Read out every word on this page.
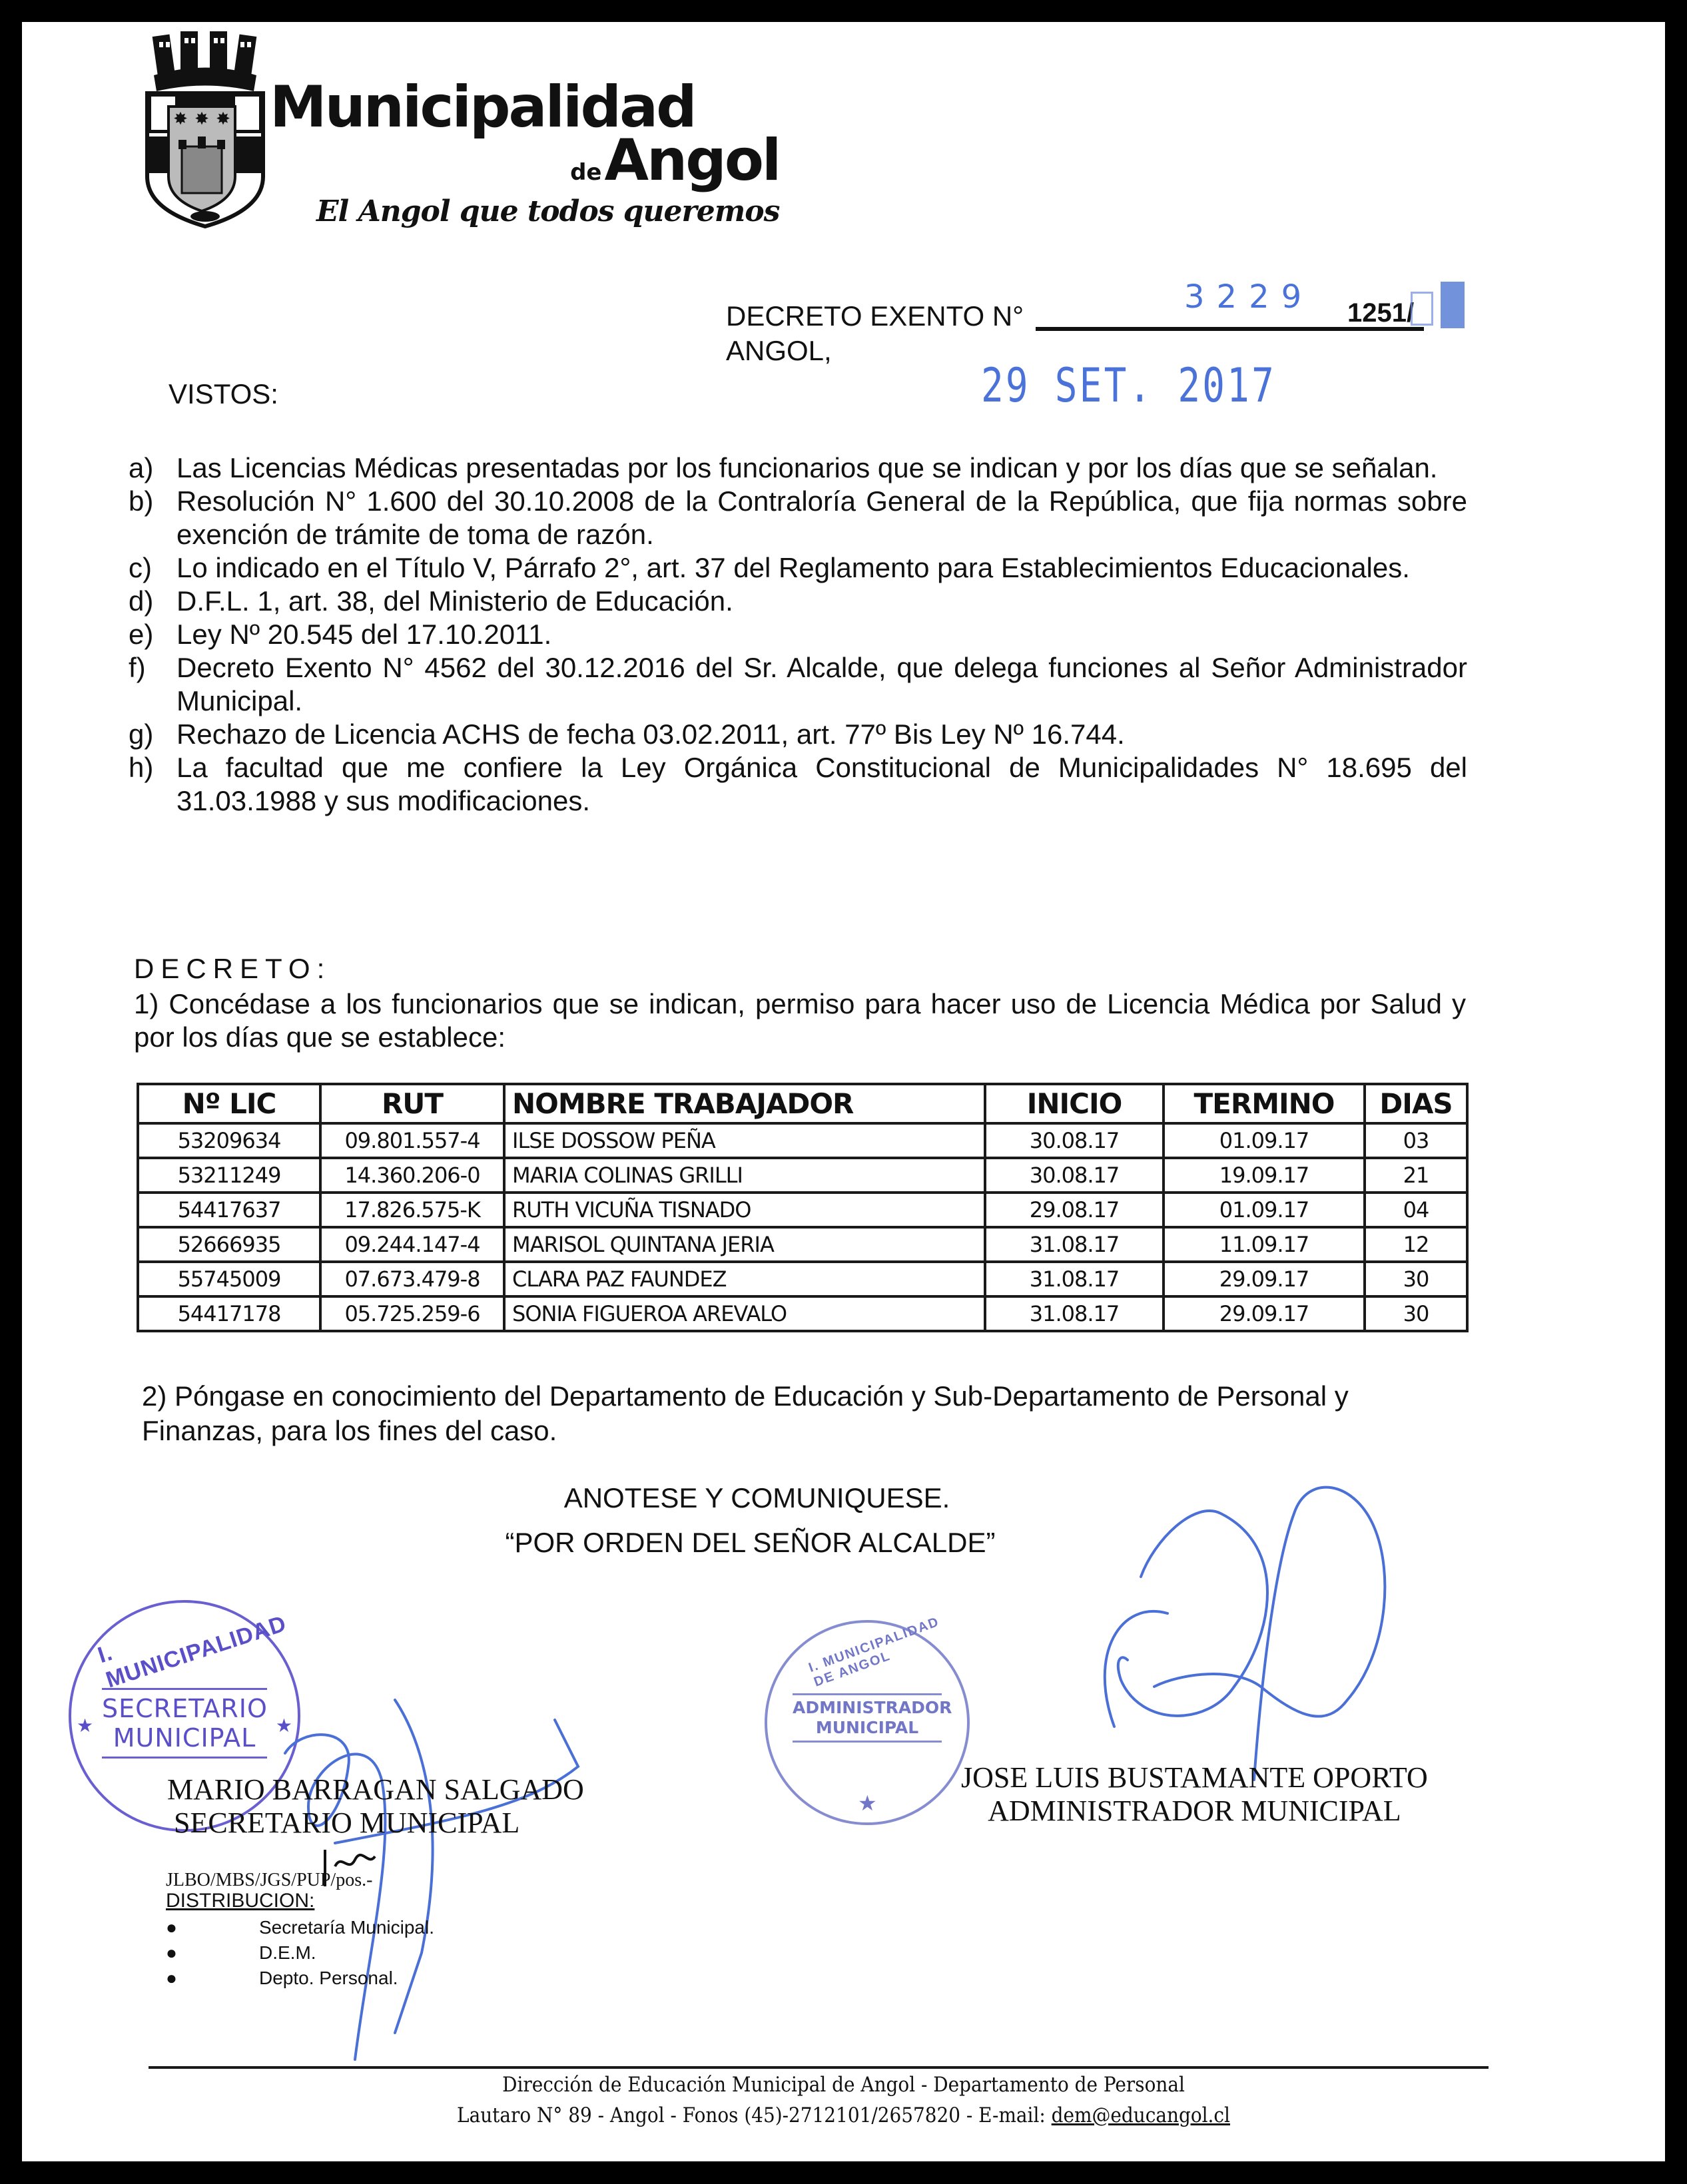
✸ ✸ ✸ Municipalidad
deAngol
El Angol que todos queremos
DECRETO EXENTO N°
3229 1251/
ANGOL,
29 SET. 2017
VISTOS:
a) Las Licencias Médicas presentadas por los funcionarios que se indican y por los días que se señalan.
b) Resolución N° 1.600 del 30.10.2008 de la Contraloría General de la República, que fija normas sobre exención de trámite de toma de razón.
c) Lo indicado en el Título V, Párrafo 2°, art. 37 del Reglamento para Establecimientos Educacionales.
d) D.F.L. 1, art. 38, del Ministerio de Educación.
e) Ley Nº 20.545 del 17.10.2011.
f)	Decreto Exento N° 4562 del 30.12.2016 del Sr. Alcalde, que delega funciones al Señor Administrador Municipal.
g) Rechazo de Licencia ACHS de fecha 03.02.2011, art. 77º Bis Ley Nº 16.744.
h) La facultad que me confiere la Ley Orgánica Constitucional de Municipalidades N° 18.695 del 31.03.1988 y sus modificaciones.
DECRETO:
1) Concédase a los funcionarios que se indican, permiso para hacer uso de Licencia Médica por Salud y por los días que se establece:
Nº LIC	RUT	NOMBRE TRABAJADOR	INICIO	TERMINO	DIAS
53209634	09.801.557-4	ILSE DOSSOW PEÑA	30.08.17	01.09.17	03
53211249	14.360.206-0	MARIA COLINAS GRILLI	30.08.17	19.09.17	21
54417637	17.826.575-K	RUTH VICUÑA TISNADO	29.08.17	01.09.17	04
52666935	09.244.147-4	MARISOL QUINTANA JERIA	31.08.17	11.09.17	12
55745009	07.673.479-8	CLARA PAZ FAUNDEZ	31.08.17	29.09.17	30
54417178	05.725.259-6	SONIA FIGUEROA AREVALO	31.08.17	29.09.17	30
2) Póngase en conocimiento del Departamento de Educación y Sub-Departamento de Personal y Finanzas, para los fines del caso.
ANOTESE Y COMUNIQUESE.
“POR ORDEN DEL SEÑOR ALCALDE”
I. MUNICIPALIDAD
★	★
SECRETARIO
MUNICIPAL
I. MUNICIPALIDAD DE ANGOL
ADMINISTRADOR
MUNICIPAL
★
MARIO BARRAGAN SALGADO
SECRETARIO MUNICIPAL
JOSE LUIS BUSTAMANTE OPORTO
ADMINISTRADOR MUNICIPAL
JLBO/MBS/JGS/PUP/pos.-
DISTRIBUCION:
●	Secretaría Municipal.
●	D.E.M.
●	Depto. Personal.
Dirección de Educación Municipal de Angol - Departamento de Personal
Lautaro N° 89 - Angol - Fonos (45)-2712101/2657820 - E-mail: dem@educangol.cl
